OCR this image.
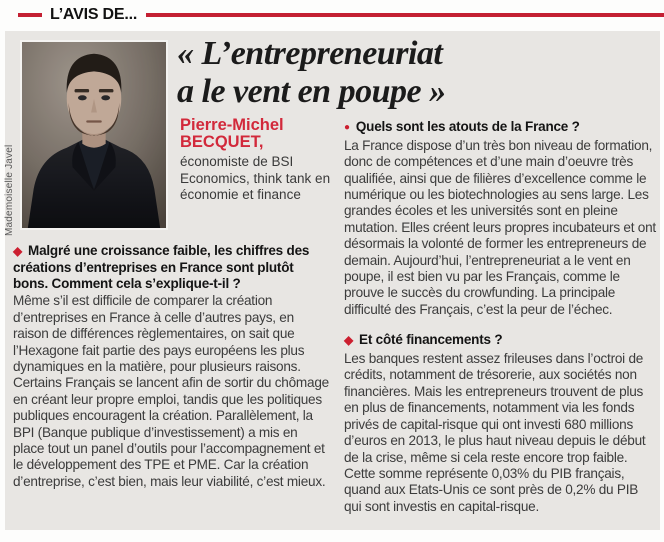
L’AVIS DE...
« L’entrepreneuriat
a le vent en poupe »

Pierre-Michel
BECQUET,

économiste de BSI Economics, think tank en économie et finance

◆ Malgré une croissance faible, les chiffres des créations d’entreprises en France sont plutôt bons. Comment cela s’explique-t-il ?

Même s’il est difficile de comparer la création d’entreprises en France à celle d’autres pays, en raison de différences règlementaires, on sait que l’Hexagone fait partie des pays européens les plus dynamiques en la matière, pour plusieurs raisons. Certains Français se lancent afin de sortir du chômage en créant leur propre emploi, tandis que les politiques publiques encouragent la création. Parallèlement, la BPI (Banque publique d’investissement) a mis en place tout un panel d’outils pour l’accompagnement et le développement des TPE et PME. Car la création d’entreprise, c’est bien, mais leur viabilité, c’est mieux.

● Quels sont les atouts de la France ?

La France dispose d’un très bon niveau de formation, donc de compétences et d’une main d’oeuvre très qualifiée, ainsi que de filières d’excellence comme le numérique ou les biotechnologies au sens large. Les grandes écoles et les universités sont en pleine mutation. Elles créent leurs propres incubateurs et ont désormais la volonté de former les entrepreneurs de demain. Aujourd’hui, l’entrepreneuriat a le vent en poupe, il est bien vu par les Français, comme le prouve le succès du crowfunding. La principale difficulté des Français, c’est la peur de l’échec.

◆ Et côté financements ?

Les banques restent assez frileuses dans l’octroi de crédits, notamment de trésorerie, aux sociétés non financières. Mais les entrepreneurs trouvent de plus en plus de financements, notamment via les fonds privés de capital-risque qui ont investi 680 millions d’euros en 2013, le plus haut niveau depuis le début de la crise, même si cela reste encore trop faible. Cette somme représente 0,03% du PIB français, quand aux Etats-Unis ce sont près de 0,2% du PIB qui sont investis en capital-risque.

Mademoiselle Javel
